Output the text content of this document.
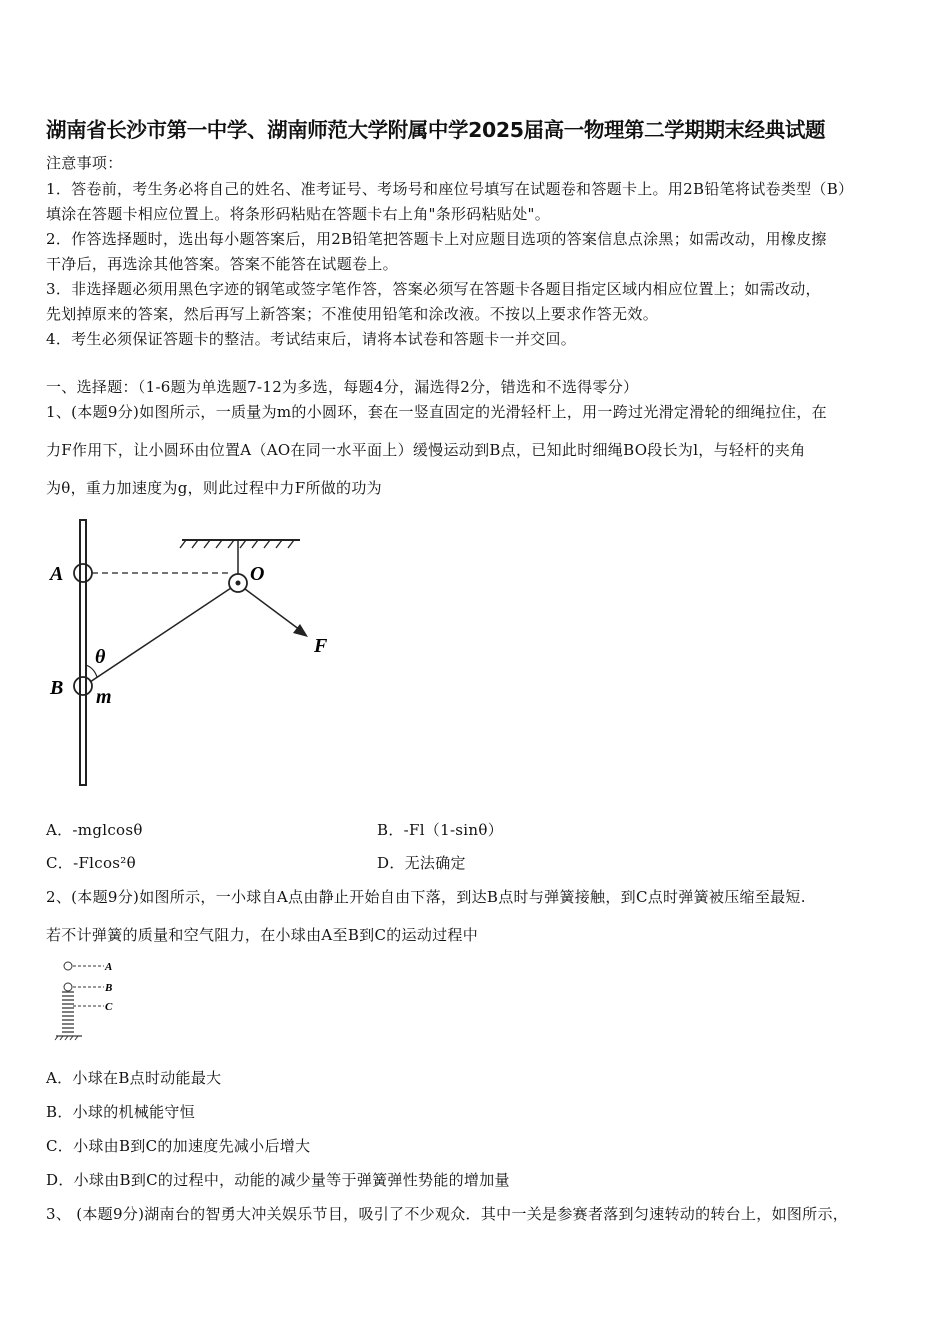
湖南省长沙市第一中学、湖南师范大学附属中学2025届高一物理第二学期期末经典试题
注意事项：
1．答卷前，考生务必将自己的姓名、准考证号、考场号和座位号填写在试题卷和答题卡上。用2B铅笔将试卷类型（B）
填涂在答题卡相应位置上。将条形码粘贴在答题卡右上角"条形码粘贴处"。
2．作答选择题时，选出每小题答案后，用2B铅笔把答题卡上对应题目选项的答案信息点涂黑；如需改动，用橡皮擦
干净后，再选涂其他答案。答案不能答在试题卷上。
3．非选择题必须用黑色字迹的钢笔或签字笔作答，答案必须写在答题卡各题目指定区域内相应位置上；如需改动，
先划掉原来的答案，然后再写上新答案；不准使用铅笔和涂改液。不按以上要求作答无效。
4．考生必须保证答题卡的整洁。考试结束后，请将本试卷和答题卡一并交回。
一、选择题：（1-6题为单选题7-12为多选，每题4分，漏选得2分，错选和不选得零分）
1、(本题9分)如图所示，一质量为m的小圆环，套在一竖直固定的光滑轻杆上，用一跨过光滑定滑轮的细绳拉住，在
力F作用下，让小圆环由位置A（AO在同一水平面上）缓慢运动到B点，已知此时细绳BO段长为l，与轻杆的夹角
为θ，重力加速度为g，则此过程中力F所做的功为
A	O
F
θ
B m
A．-mglcosθ	B．-Fl（1-sinθ）
C．-Flcos²θ	D．无法确定
2、(本题9分)如图所示，一小球自A点由静止开始自由下落，到达B点时与弹簧接触，到C点时弹簧被压缩至最短.
若不计弹簧的质量和空气阻力，在小球由A至B到C的运动过程中
A
B
C
A．小球在B点时动能最大
B．小球的机械能守恒
C．小球由B到C的加速度先减小后增大
D．小球由B到C的过程中，动能的减少量等于弹簧弹性势能的增加量
3、 (本题9分)湖南台的智勇大冲关娱乐节目，吸引了不少观众．其中一关是参赛者落到匀速转动的转台上，如图所示，
